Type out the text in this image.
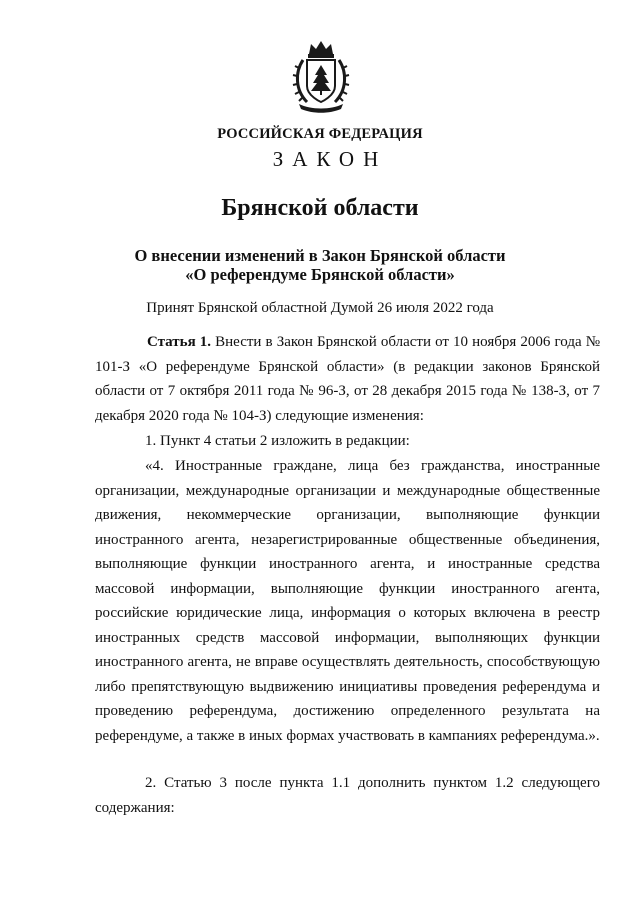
РОССИЙСКАЯ ФЕДЕРАЦИЯ
ЗАКОН
Брянской области
О внесении изменений в Закон Брянской области
«О референдуме Брянской области»
Принят Брянской областной Думой 26 июля 2022 года
Статья 1. Внести в Закон Брянской области от 10 ноября 2006 года № 101-З «О референдуме Брянской области» (в редакции законов Брянской области от 7 октября 2011 года № 96-З, от 28 декабря 2015 года № 138-З, от 7 декабря 2020 года № 104-З) следующие изменения:
1. Пункт 4 статьи 2 изложить в редакции:
«4. Иностранные граждане, лица без гражданства, иностранные организации, международные организации и международные общественные движения, некоммерческие организации, выполняющие функции иностранного агента, незарегистрированные общественные объединения, выполняющие функции иностранного агента, и иностранные средства массовой информации, выполняющие функции иностранного агента, российские юридические лица, информация о которых включена в реестр иностранных средств массовой информации, выполняющих функции иностранного агента, не вправе осуществлять деятельность, способствующую либо препятствующую выдвижению инициативы проведения референдума и проведению референдума, достижению определенного результата на референдуме, а также в иных формах участвовать в кампаниях референдума.».
2. Статью 3 после пункта 1.1 дополнить пунктом 1.2 следующего содержания:
